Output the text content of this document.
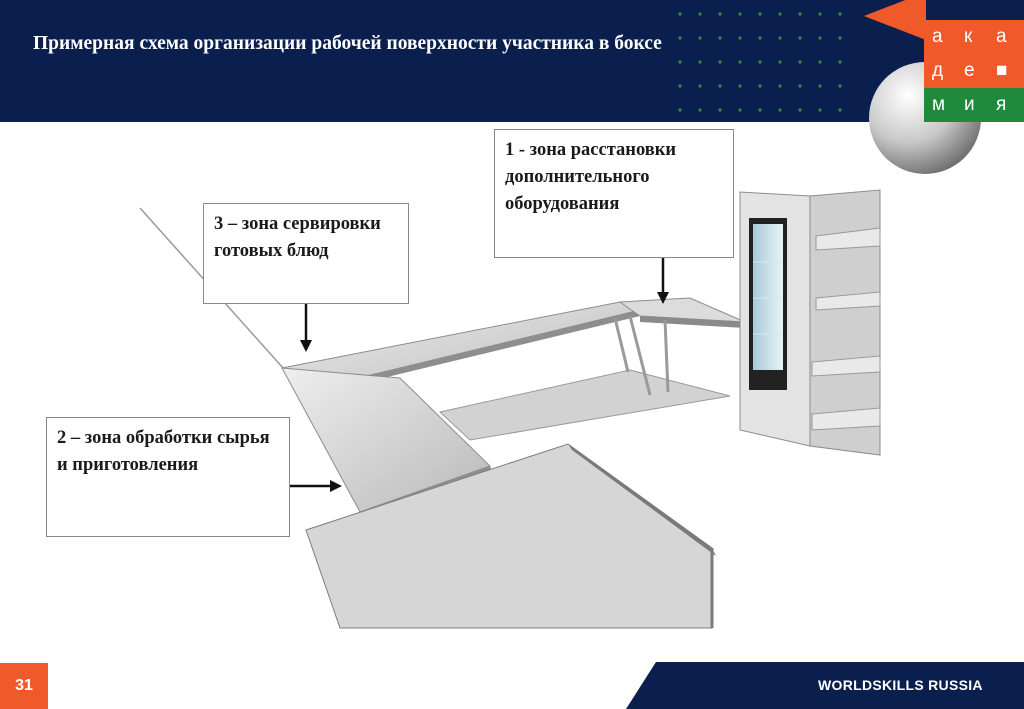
Примерная схема организации рабочей поверхности участника в боксе	а к а
д е ■
м и я
1 - зона расстановки дополнительного оборудования
3 – зона сервировки готовых блюд
2 – зона обработки сырья и приготовления
31	WORLDSKILLS RUSSIA
